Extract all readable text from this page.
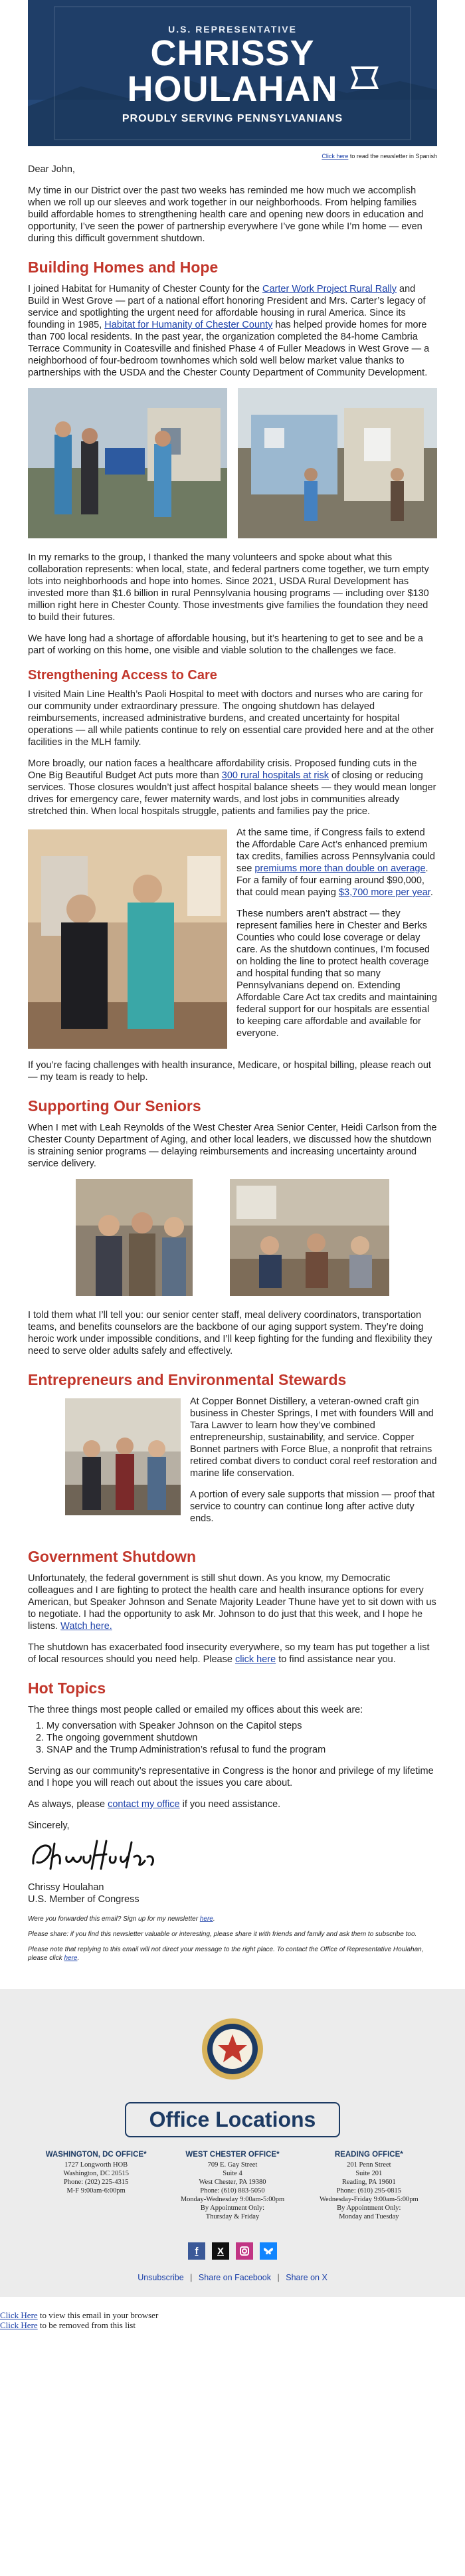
U.S. REPRESENTATIVE
CHRISSY
HOULAHAN
PROUDLY SERVING PENNSYLVANIANS
Click here to read the newsletter in Spanish

Dear John,

My time in our District over the past two weeks has reminded me how much we accomplish when we roll up our sleeves and work together in our neighborhoods. From helping families build affordable homes to strengthening health care and opening new doors in education and opportunity, I’ve seen the power of partnership everywhere I’ve gone while I’m home — even during this difficult government shutdown.

Building Homes and Hope

I joined Habitat for Humanity of Chester County for the Carter Work Project Rural Rally and Build in West Grove — part of a national effort honoring President and Mrs. Carter’s legacy of service and spotlighting the urgent need for affordable housing in rural America. Since its founding in 1985, Habitat for Humanity of Chester County has helped provide homes for more than 700 local residents. In the past year, the organization completed the 84-home Cambria Terrace Community in Coatesville and finished Phase 4 of Fuller Meadows in West Grove — a neighborhood of four-bedroom townhomes which sold well below market value thanks to partnerships with the USDA and the Chester County Department of Community Development.

In my remarks to the group, I thanked the many volunteers and spoke about what this collaboration represents: when local, state, and federal partners come together, we turn empty lots into neighborhoods and hope into homes. Since 2021, USDA Rural Development has invested more than $1.6 billion in rural Pennsylvania housing programs — including over $130 million right here in Chester County. Those investments give families the foundation they need to build their futures.

We have long had a shortage of affordable housing, but it’s heartening to get to see and be a part of working on this home, one visible and viable solution to the challenges we face.

Strengthening Access to Care

I visited Main Line Health’s Paoli Hospital to meet with doctors and nurses who are caring for our community under extraordinary pressure. The ongoing shutdown has delayed reimbursements, increased administrative burdens, and created uncertainty for hospital operations — all while patients continue to rely on essential care provided here and at the other facilities in the MLH family.

More broadly, our nation faces a healthcare affordability crisis. Proposed funding cuts in the One Big Beautiful Budget Act puts more than 300 rural hospitals at risk of closing or reducing services. Those closures wouldn’t just affect hospital balance sheets — they would mean longer drives for emergency care, fewer maternity wards, and lost jobs in communities already stretched thin. When local hospitals struggle, patients and families pay the price.

At the same time, if Congress fails to extend the Affordable Care Act’s enhanced premium tax credits, families across Pennsylvania could see premiums more than double on average. For a family of four earning around $90,000, that could mean paying $3,700 more per year.

These numbers aren’t abstract — they represent families here in Chester and Berks Counties who could lose coverage or delay care. As the shutdown continues, I’m focused on holding the line to protect health coverage and hospital funding that so many Pennsylvanians depend on. Extending Affordable Care Act tax credits and maintaining federal support for our hospitals are essential to keeping care affordable and available for everyone.

If you’re facing challenges with health insurance, Medicare, or hospital billing, please reach out — my team is ready to help.

Supporting Our Seniors

When I met with Leah Reynolds of the West Chester Area Senior Center, Heidi Carlson from the Chester County Department of Aging, and other local leaders, we discussed how the shutdown is straining senior programs — delaying reimbursements and increasing uncertainty around service delivery.

I told them what I’ll tell you: our senior center staff, meal delivery coordinators, transportation teams, and benefits counselors are the backbone of our aging support system. They’re doing heroic work under impossible conditions, and I’ll keep fighting for the funding and flexibility they need to serve older adults safely and effectively.

Entrepreneurs and Environmental Stewards

At Copper Bonnet Distillery, a veteran-owned craft gin business in Chester Springs, I met with founders Will and Tara Lawver to learn how they’ve combined entrepreneurship, sustainability, and service. Copper Bonnet partners with Force Blue, a nonprofit that retrains retired combat divers to conduct coral reef restoration and marine life conservation.

A portion of every sale supports that mission — proof that service to country can continue long after active duty ends.

Government Shutdown

Unfortunately, the federal government is still shut down. As you know, my Democratic colleagues and I are fighting to protect the health care and health insurance options for every American, but Speaker Johnson and Senate Majority Leader Thune have yet to sit down with us to negotiate. I had the opportunity to ask Mr. Johnson to do just that this week, and I hope he listens. Watch here.

The shutdown has exacerbated food insecurity everywhere, so my team has put together a list of local resources should you need help. Please click here to find assistance near you.

Hot Topics

The three things most people called or emailed my offices about this week are:

1. My conversation with Speaker Johnson on the Capitol steps
2. The ongoing government shutdown
3. SNAP and the Trump Administration’s refusal to fund the program

Serving as our community’s representative in Congress is the honor and privilege of my lifetime and I hope you will reach out about the issues you care about.

As always, please contact my office if you need assistance.

Sincerely,

Chrissy Houlahan

U.S. Member of Congress

Were you forwarded this email? Sign up for my newsletter here.

Please share: if you find this newsletter valuable or interesting, please share it with friends and family and ask them to subscribe too.

Please note that replying to this email will not direct your message to the right place. To contact the Office of Representative Houlahan, please click here.

Office Locations
WASHINGTON, DC OFFICE*
1727 Longworth HOB
Washington, DC 20515
Phone: (202) 225-4315
M-F 9:00am-6:00pm
WEST CHESTER OFFICE*
709 E. Gay Street
Suite 4
West Chester, PA 19380
Phone: (610) 883-5050
Monday-Wednesday 9:00am-5:00pm
By Appointment Only:
Thursday & Friday
READING OFFICE*
201 Penn Street
Suite 201
Reading, PA 19601
Phone: (610) 295-0815
Wednesday-Friday 9:00am-5:00pm
By Appointment Only:
Monday and Tuesday
f	X
Unsubscribe | Share on Facebook | Share on X
Click Here to view this email in your browser
Click Here to be removed from this list
